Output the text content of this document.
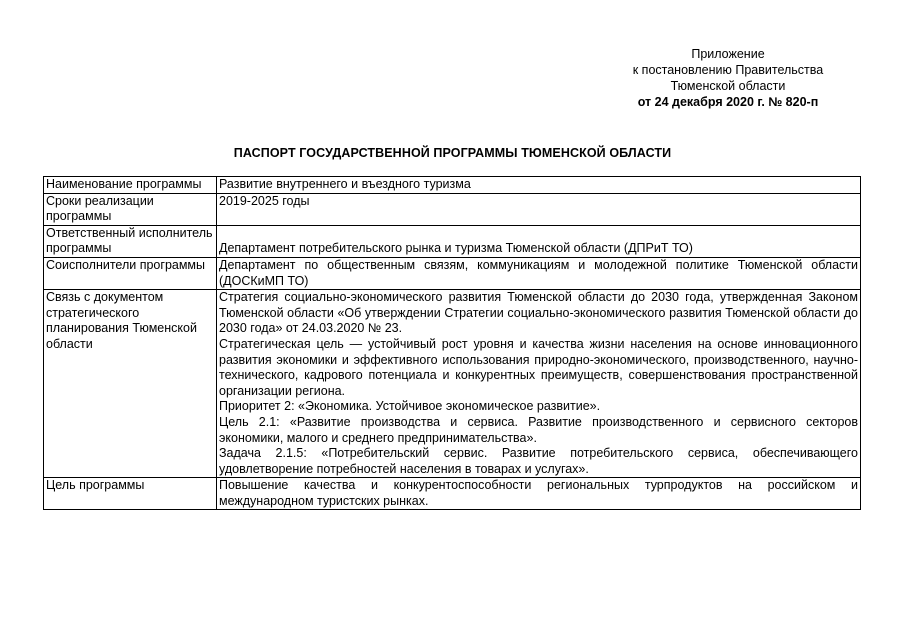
Приложение
к постановлению Правительства
Тюменской области
от 24 декабря 2020 г. № 820-п
ПАСПОРТ ГОСУДАРСТВЕННОЙ ПРОГРАММЫ ТЮМЕНСКОЙ ОБЛАСТИ
Наименование программы	Развитие внутреннего и въездного туризма
Сроки реализации программы	2019-2025 годы
Ответственный исполнитель программы	Департамент потребительского рынка и туризма Тюменской области (ДПРиТ ТО)
Соисполнители программы	Департамент по общественным связям, коммуникациям и молодежной политике Тюменской области (ДОСКиМП ТО)
Связь с документом стратегического планирования Тюменской области	Стратегия социально-экономического развития Тюменской области до 2030 года, утвержденная Законом Тюменской области «Об утверждении Стратегии социально-экономического развития Тюменской области до 2030 года» от 24.03.2020 № 23.
Стратегическая цель — устойчивый рост уровня и качества жизни населения на основе инновационного развития экономики и эффективного использования природно-экономического, производственного, научно-технического, кадрового потенциала и конкурентных преимуществ, совершенствования пространственной организации региона.
Приоритет 2: «Экономика. Устойчивое экономическое развитие».
Цель 2.1: «Развитие производства и сервиса. Развитие производственного и сервисного секторов экономики, малого и среднего предпринимательства».
Задача 2.1.5: «Потребительский сервис. Развитие потребительского сервиса, обеспечивающего удовлетворение потребностей населения в товарах и услугах».

Цель программы	Повышение качества и конкурентоспособности региональных турпродуктов на российском и международном туристских рынках.
